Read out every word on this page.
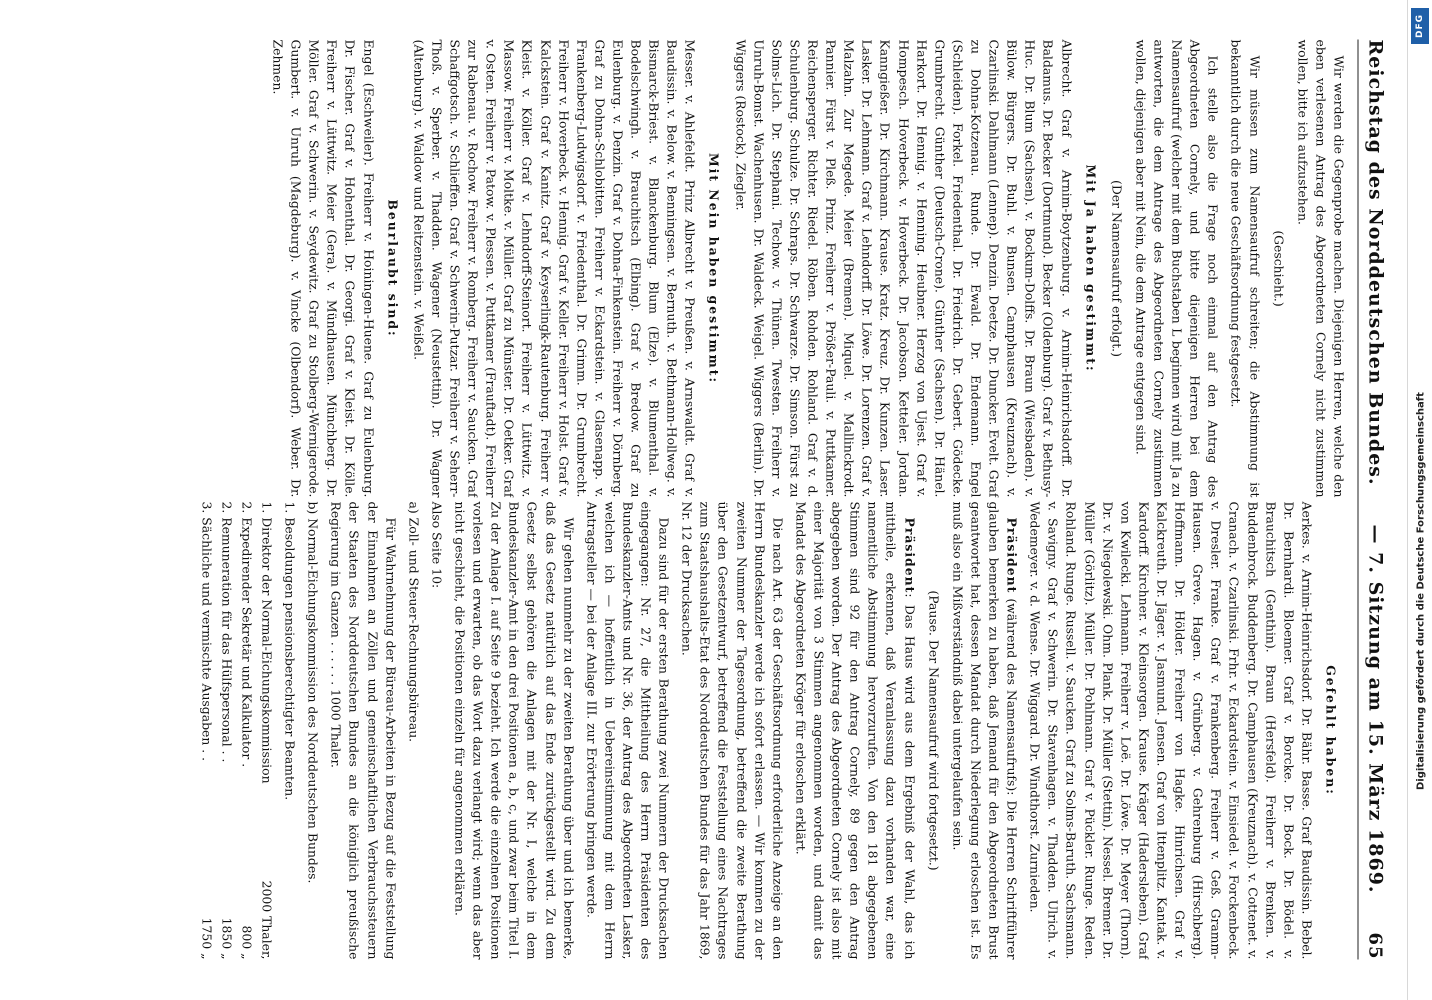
Reichstag des Norddeutschen Bundes.
— 7. Sitzung am 15. März 1869.
65

Wir werden die Gegenprobe machen. Diejenigen Herren, welche den eben verlesenen Antrag des Abgeordneten Cornely nicht zustimmen wollen, bitte ich aufzustehen.

(Geschieht.)

Wir müssen zum Namensaufruf schreiten; die Abstimmung ist bekanntlich durch die neue Geschäftsordnung festgesetzt.

Ich stelle also die Frage noch einmal auf den Antrag des Abgeordneten Cornely, und bitte diejenigen Herren bei dem Namensaufruf (welcher mit dem Buchstaben L beginnen wird) mit Ja zu antworten, die dem Antrage des Abgeordneten Cornely zustimmen wollen, diejenigen aber mit Nein, die dem Antrage entgegen sind.

(Der Namensaufruf erfolgt.)

Mit Ja haben gestimmt:

Albrecht. Graf v. Arnim-Boytzenburg. v. Arnim-Heinrichsdorff. Dr. Baldamus. Dr. Becker (Dortmund). Becker (Oldenburg). Graf v. Bethusy-Huc. Dr. Blum (Sachsen). v. Bockum-Dolffs. Dr. Braun (Wiesbaden). v. Bülow. Bürgers. Dr. Buhl. v. Bunsen. Camphausen (Kreuznach). v. Czarlinski. Dahlmann (Lennep). Denzin. Deetze. Dr. Duncker. Evelt. Graf zu Dohna-Kotzenau. Runde. Dr. Ewald. Dr. Endemann. Engel (Schleiden). Forkel. Friedenthal. Dr. Friedrich. Dr. Gebert. Gödecke. Grumbrecht. Günther (Deutsch-Crone). Günther (Sachsen). Dr. Hänel. Harkort. Dr. Hennig. v. Henning. Heubner. Herzog von Ujest. Graf v. Hompesch. Hoverbeck. v. Hoverbeck. Dr. Jacobson. Ketteler. Jordan. Kanngießer. Dr. Kirchmann. Krause. Kratz. Kreuz. Dr. Kunzen. Laser. Lasker. Dr. Lehmann. Graf v. Lehndorff. Dr. Löwe. Dr. Lorenzen. Graf v. Malzahn. Zur Megede. Meier (Bremen). Miquel. v. Mallinckrodt. Pannier. Fürst v. Pleß. Prinz. Freiherr v. Prößer-Pauli. v. Puttkamer. Reichensperger. Richter. Riedel. Röben. Rohden. Rohland. Graf v. d. Schulenburg. Schulze. Dr. Schraps. Dr. Schwarze. Dr. Simson. Fürst zu Solms-Lich. Dr. Stephani. Techow. v. Thünen. Twesten. Freiherr v. Unruh-Bomst. Wachenhusen. Dr. Waldeck. Weigel. Wiggers (Berlin). Dr. Wiggers (Rostock). Ziegler.

Mit Nein haben gestimmt:

Messer. v. Ahlefeldt. Prinz Albrecht v. Preußen. v. Arnswaldt. Graf v. Baudissin. v. Below. v. Benningsen. v. Bernuth. v. Bethmann-Hollweg. v. Bismarck-Briest. v. Blanckenburg. Blum (Elze). v. Blumenthal. v. Bodelschwingh. v. Brauchitsch (Elbing). Graf v. Bredow. Graf zu Eulenburg. v. Denzin. Graf v. Dohna-Finkenstein. Freiherr v. Dörnberg. Graf zu Dohna-Schlobitten. Freiherr v. Eckardstein. v. Glasenapp. v. Frankenberg-Ludwigsdorf. v. Friedenthal. Dr. Grimm. Dr. Grumbrecht. Freiherr v. Hoverbeck. v. Hennig. Graf v. Keller. Freiherr v. Holst. Graf v. Kalckstein. Graf v. Kanitz. Graf v. Keyserlingk-Rautenburg. Freiherr v. Kleist. v. Köller. Graf v. Lehndorff-Steinort. Freiherr v. Lüttwitz. v. Massow. Freiherr v. Moltke. v. Müller. Graf zu Münster. Dr. Oetker. Graf v. Osten. Freiherr v. Patow. v. Plessen. v. Puttkamer (Frauftadt). Freiherr zur Rabenau. v. Rochow. Freiherr v. Romberg. Freiherr v. Saucken. Graf Schaffgotsch. v. Schlieffen. Graf v. Schwerin-Putzar. Freiherr v. Seherr-Thoß. v. Sperber. v. Thadden. Wagener (Neustettin). Dr. Wagner (Altenburg). v. Waldow und Reitzenstein. v. Weißel.

Beurlaubt sind:

Engel (Eschweiler). Freiherr v. Hoiningen-Huene. Graf zu Eulenburg. Dr. Fischer. Graf v. Hohenthal. Dr. Georgi. Graf v. Kleist. Dr. Kölle. Freiherr v. Lüttwitz. Meier (Gera). v. Mündhausen. Münchberg. Dr. Möller. Graf v. Schwerin. v. Seydewitz. Graf zu Stolberg-Wernigerode. Gumbert. v. Unruh (Magdeburg). v. Vincke (Olbendorf). Weber. Dr. Zehmen.

Gefehlt haben:

Aerkes. v. Arnim-Heinrichsdorf. Dr. Bähr. Basse. Graf Baudissin. Bebel. Dr. Bernhardi. Bloemer. Graf v. Borcke. Dr. Bock. Dr. Bödel. v. Brauchitsch (Genthin). Braun (Hersfeld). Freiherr v. Brenken. v. Buddenbrock. Buddenberg. Dr. Camphausen (Kreuznach). v. Cottenet. v. Cranach. v. Czarlinski. Frhr. v. Eckardstein. v. Einsiedel. v. Forckenbeck. v. Dresler. Franke. Graf v. Frankenberg. Freiherr v. Geß. Gramm-Hausen. Greve. Hagen. v. Grünberg. v. Gehrenburg (Hirschberg). Hoffmann. Dr. Hölder. Freiherr von Hagke. Hinrichsen. Graf v. Kalckreuth. Dr. Jäger. v. Jasmund. Jensen. Graf von Ittenplitz. Kantak. v. Kardorff. Kirchner. v. Kleinsorgen. Krause. Kräger (Hadersleben). Graf von Kwilecki. Lehmann. Freiherr v. Loë. Dr. Löwe. Dr. Meyer (Thorn). Dr. v. Niegolewski. Ohm. Plank. Dr. Müller (Stettin). Nessel. Bremer. Dr. Müller (Görlitz). Müller. Dr. Pohlmann. Graf v. Pückler. Runge. Reden. Rohland. Runge. Russell. v. Saucken. Graf zu Solms-Baruth. Sachsmann. v. Savigny. Graf v. Schwerin. Dr. Stavenhagen. v. Thadden. Ulrich. v. Wedemeyer. v. d. Wense. Dr. Wiggard. Dr. Windthorst. Zurnieden.

Präsident (während des Namensaufrufs): Die Herren Schriftführer glauben bemerken zu haben, daß Jemand für den Abgeordneten Brust geantwortet hat, dessen Mandat durch Niederlegung erloschen ist. Es muß also ein Mißverständniß dabei untergelaufen sein.

(Pause. Der Namensaufruf wird fortgesetzt.)

Präsident: Das Haus wird aus dem Ergebniß der Wahl, das ich mittheile, erkennen, daß Veranlassung dazu vorhanden war, eine namentliche Abstimmung hervorzurufen. Von den 181 abgegebenen Stimmen sind 92 für den Antrag Cornely, 89 gegen den Antrag abgegeben worden. Der Antrag des Abgeordneten Cornely ist also mit einer Majorität von 3 Stimmen angenommen worden, und damit das Mandat des Abgeordneten Kröger für erloschen erklärt.

Die nach Art. 63 der Geschäftsordnung erforderliche Anzeige an den Herrn Bundeskanzler werde ich sofort erlassen. — Wir kommen zu der zweiten Nummer der Tagesordnung, betreffend die zweite Berathung über den Gesetzentwurf, betreffend die Feststellung eines Nachtrages zum Staatshaushalts-Etat des Norddeutschen Bundes für das Jahr 1869, Nr. 12 der Drucksachen.

Dazu sind für der ersten Berathung zwei Nummern der Drucksachen eingegangen: Nr. 27, die Mittheilung des Herrn Präsidenten des Bundeskanzler-Amts und Nr. 36, der Antrag des Abgeordneten Lasker, welchen ich — hoffentlich in Uebereinstimmung mit dem Herrn Antragsteller — bei der Anlage III. zur Erörterung bringen werde.

Wir gehen nunmehr zu der zweiten Berathung über und ich bemerke, daß das Gesetz natürlich auf das Ende zurückgestellt wird. Zu dem Gesetz selbst gehören die Anlagen mit der Nr. I, welche in dem Bundeskanzler-Amt in den drei Positionen a, b, c, und zwar beim Titel I. Zu der Anlage I. auf Seite 9 bezieht. Ich werde die einzelnen Positionen vorlesen und erwarten, ob das Wort dazu verlangt wird; wenn das aber nicht geschieht, die Positionen einzeln für angenommen erklären.

Also Seite 10:

a) Zoll- und Steuer-Rechnungsbüreau.

Für Wahrnehmung der Büreau-Arbeiten in Bezug auf die Feststellung der Einnahmen an Zöllen und gemeinschaftlichen Verbrauchssteuern der Staaten des Norddeutschen Bundes an die königlich preußische Regierung im Ganzen . . . . . . 1000 Thaler.

b) Normal-Eichungskommission des Norddeutschen Bundes.

1. Besoldungen pensionsberechtigter Beamten.

1. Direktor der Normal-Eichungskommission
2000 Thaler,
2. Expedirender Sekretär und Kalkulator .
800 „
2. Remuneration für das Hülfspersonal . .
1850 „
3. Sächliche und vermischte Ausgaben . .
1750 „
DFG
Digitalisierung gefördert durch die Deutsche Forschungsgemeinschaft
